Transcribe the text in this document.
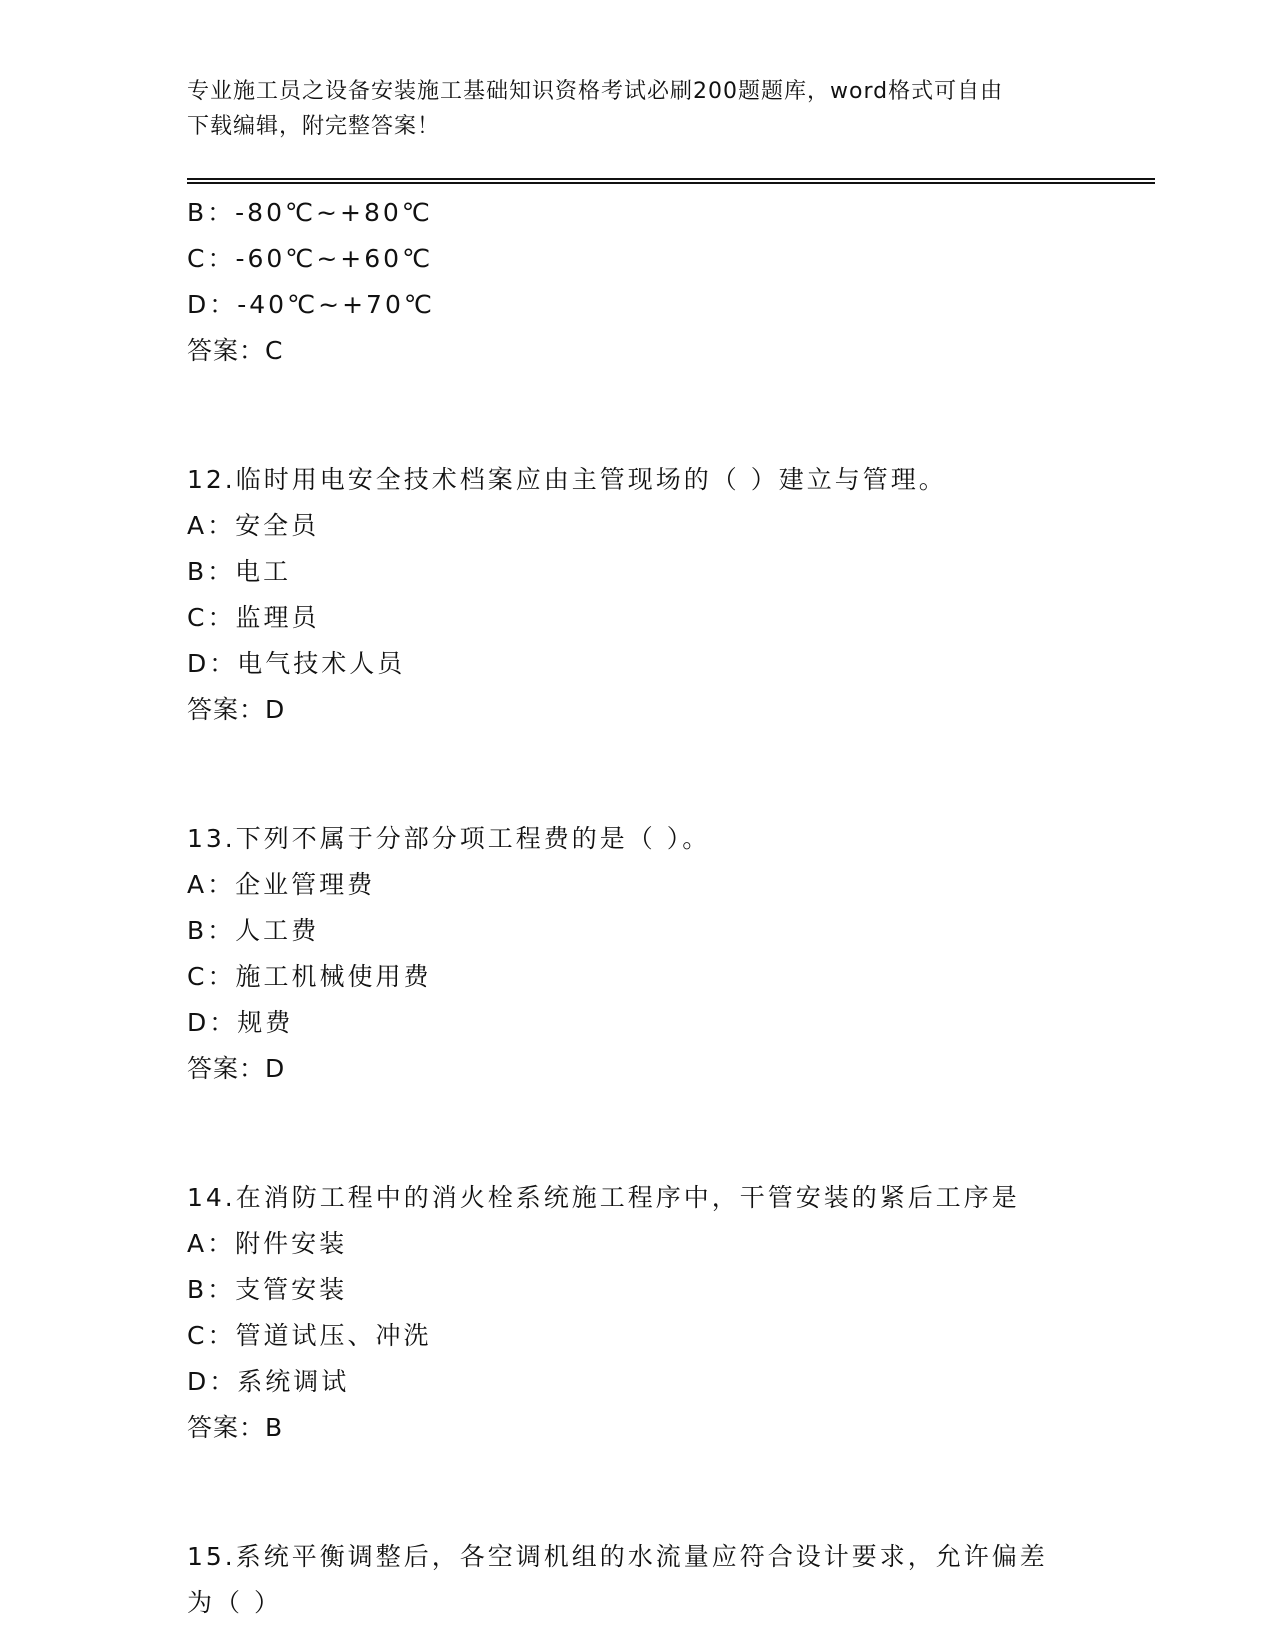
专业施工员之设备安装施工基础知识资格考试必刷200题题库，word格式可自由
下载编辑，附完整答案！
B：-80℃~+80℃
C：-60℃~+60℃
D：-40℃~+70℃
答案：C
12.临时用电安全技术档案应由主管现场的（ ）建立与管理。
A：安全员
B：电工
C：监理员
D：电气技术人员
答案：D
13.下列不属于分部分项工程费的是（ ）。
A：企业管理费
B：人工费
C：施工机械使用费
D：规费
答案：D
14.在消防工程中的消火栓系统施工程序中，干管安装的紧后工序是
A：附件安装
B：支管安装
C：管道试压、冲洗
D：系统调试
答案：B
15.系统平衡调整后，各空调机组的水流量应符合设计要求，允许偏差
为（ ）
